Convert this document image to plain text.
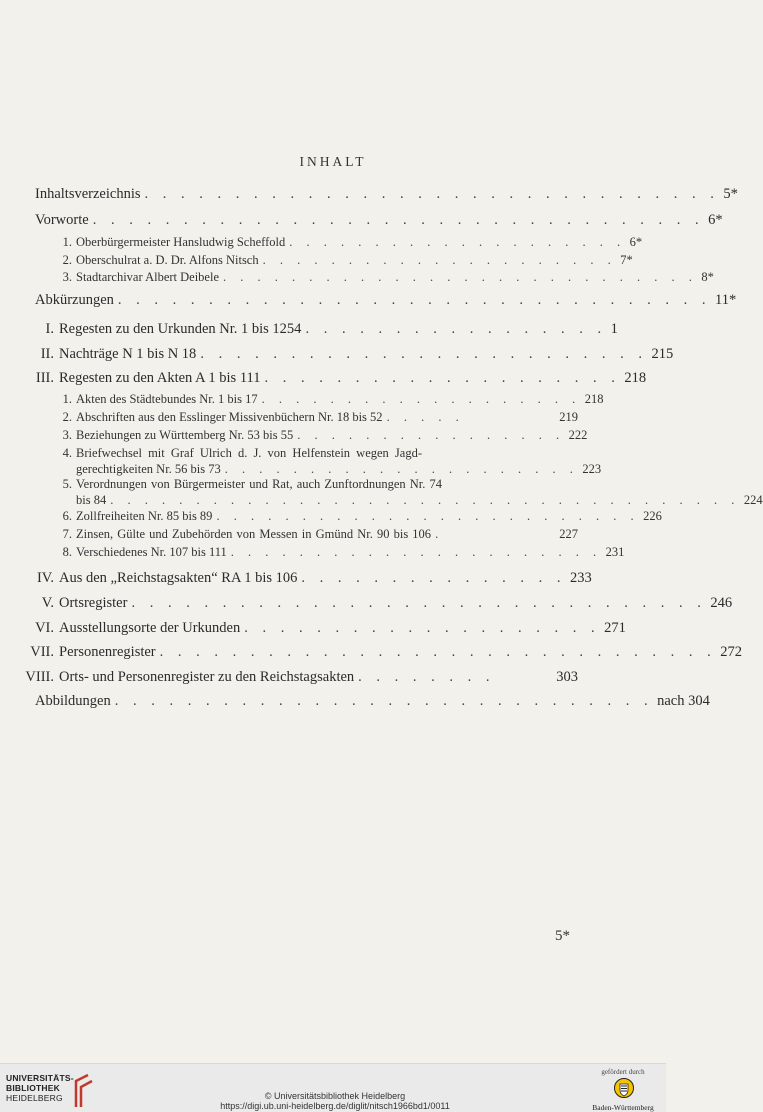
INHALT
Inhaltsverzeichnis . . . . . . . . . . . . . . . . . . . . . . . . . . . . . . . . 5*
Vorworte . . . . . . . . . . . . . . . . . . . . . . . . . . . . . . . . . . 6*
1. Oberbürgermeister Hansludwig Scheffold . . . . . . . . . . . . . . . . . . . . 6*
2. Oberschulrat a. D. Dr. Alfons Nitsch . . . . . . . . . . . . . . . . . . . . . 7*
3. Stadtarchivar Albert Deibele . . . . . . . . . . . . . . . . . . . . . . . . . . . . 8*
Abkürzungen . . . . . . . . . . . . . . . . . . . . . . . . . . . . . . . . . 11*
I. Regesten zu den Urkunden Nr. 1 bis 1254 . . . . . . . . . . . . . . . . . 1
II. Nachträge N 1 bis N 18 . . . . . . . . . . . . . . . . . . . . . . . . . 215
III. Regesten zu den Akten A 1 bis 111 . . . . . . . . . . . . . . . . . . . . 218
1. Akten des Städtebundes Nr. 1 bis 17 . . . . . . . . . . . . . . . . . . . 218
2. Abschriften aus den Esslinger Missivenbüchern Nr. 18 bis 52 . . . . .	219
3. Beziehungen zu Württemberg Nr. 53 bis 55 . . . . . . . . . . . . . . . . 222
4. Briefwechsel mit Graf Ulrich d. J. von Helfenstein wegen Jagd-
gerechtigkeiten Nr. 56 bis 73 . . . . . . . . . . . . . . . . . . . . . 223
5. Verordnungen von Bürgermeister und Rat, auch Zunftordnungen Nr. 74
bis 84 . . . . . . . . . . . . . . . . . . . . . . . . . . . . . . . . . . . . . 224
6. Zollfreiheiten Nr. 85 bis 89 . . . . . . . . . . . . . . . . . . . . . . . . . 226
7. Zinsen, Gülte und Zubehörden von Messen in Gmünd Nr. 90 bis 106 .	227
8. Verschiedenes Nr. 107 bis 111 . . . . . . . . . . . . . . . . . . . . . . 231
IV. Aus den „Reichstagsakten“ RA 1 bis 106 . . . . . . . . . . . . . . . 233
V. Ortsregister . . . . . . . . . . . . . . . . . . . . . . . . . . . . . . . . 246
VI. Ausstellungsorte der Urkunden . . . . . . . . . . . . . . . . . . . . 271
VII. Personenregister . . . . . . . . . . . . . . . . . . . . . . . . . . . . . . . 272
VIII. Orts- und Personenregister zu den Reichstagsakten . . . . . . . .	303
Abbildungen . . . . . . . . . . . . . . . . . . . . . . . . . . . . . . nach 304
5*
UNIVERSITÄTS-
BIBLIOTHEK
HEIDELBERG	© Universitätsbibliothek Heidelberg
https://digi.ub.uni-heidelberg.de/diglit/nitsch1966bd1/0011
gefördert durch
Baden-Württemberg
